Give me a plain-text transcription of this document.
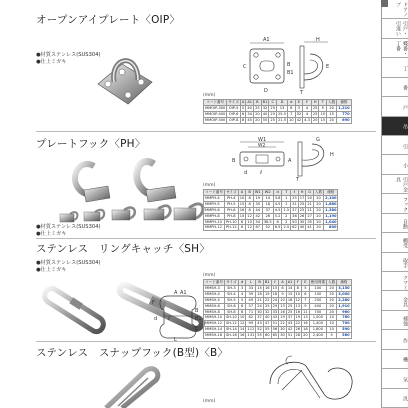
オープンアイプレート〈OIP〉
●材質ステンレス(SUS304)
●仕上ミガキ
A1	H
T
C	B
B1
D
E
(mm)
コード番号	サイズ	A	A1	B	B1	C	D	d	E	F	H	T	入数	価格
MMOIP-300	OIP-5	5	40	25	32	25	13	6	3	4	25	5	20	1,210
MMOIP-400	OIP-6	6	34	20	40	25	25.5	7	32	4	25	10	15	770
MMOIP-500	OIP-8	8	45	20	55	25	21.5	10	42	4.3	20	15	20	690
プレートフック〈PH〉
●材質ステンレス(SUS304)
●仕上ミガキ
W1
W2
H
G
d	ℓ
T
A
B
(mm)
コード番号	サイズ	A	B	W1	W2	d	T	ℓ	H	G	入数	価格
MMPH-4	PH-4	10	8	19	14	3.8	1	25	17	20	20	2,100
MMPH-5	PH-5	15	8	35	18	4.5	1	31	25	21	20	1,680
MMPH-6	PH-6	16	8	44	37	4.5	1.5	37	25	21	20	1,380
MMPH-8	PH-8	15	12	42	26	5.2	2	38	26	27	20	1,190
MMPH-10	PH-10	6	10	54	36.5	6	2	50	30	35	20	1,040
MMPH-12	PH-12	6	12	67	52	6.5	2.5	62	40	41	20	800
ステンレス　リングキャッチ〈SH〉
●材質ステンレス(SUS304)
●仕上ミガキ
A A1
F
d
B
B1
E
L
ℓ
(mm)
コード番号	サイズ	d	L	B	B1	ℓ	A	A1	F	E	使用荷重	入数	価格
MMSH-3	SH-3	3	33	15	16	15	8	14	8	5	100	20	3,150
MMSH-4	SH-4	4	39	18	19	18	9	15	10	6	150	20	3,000
MMSH-5	SH-5	5	49	21	22	24	10	18	12	7	250	20	2,280
MMSH-6	SH-6	6	57	24	25	29	13	25	13	9	400	20	1,910
MMSH-8	SH-8	8	71	30	32	33	16	25	16	11	700	20	960
MMSH-10	SH-10	10	82	37	40	43	19	37	19	13	1,000	10	780
MMSH-12	SH-12	12	99	43	47	51	22	43	22	16	1,400	10	700
MMSH-14	SH-14	14	112	52	55	56	30	42	26	18	1,800	10	590
MMSH-16	SH-16	16	131	55	60	65	30	51	28	20	2,400	5	560
ステンレス　スナップフック(B型)〈B〉
(mm)
ドアノブ
引戸・引違い
蝶番・丁番
丁
番
戸
吊
引
小
引戸金具
フック
自動
棚受
取手
ツマミ
金具
補強
作
機
気
汎
